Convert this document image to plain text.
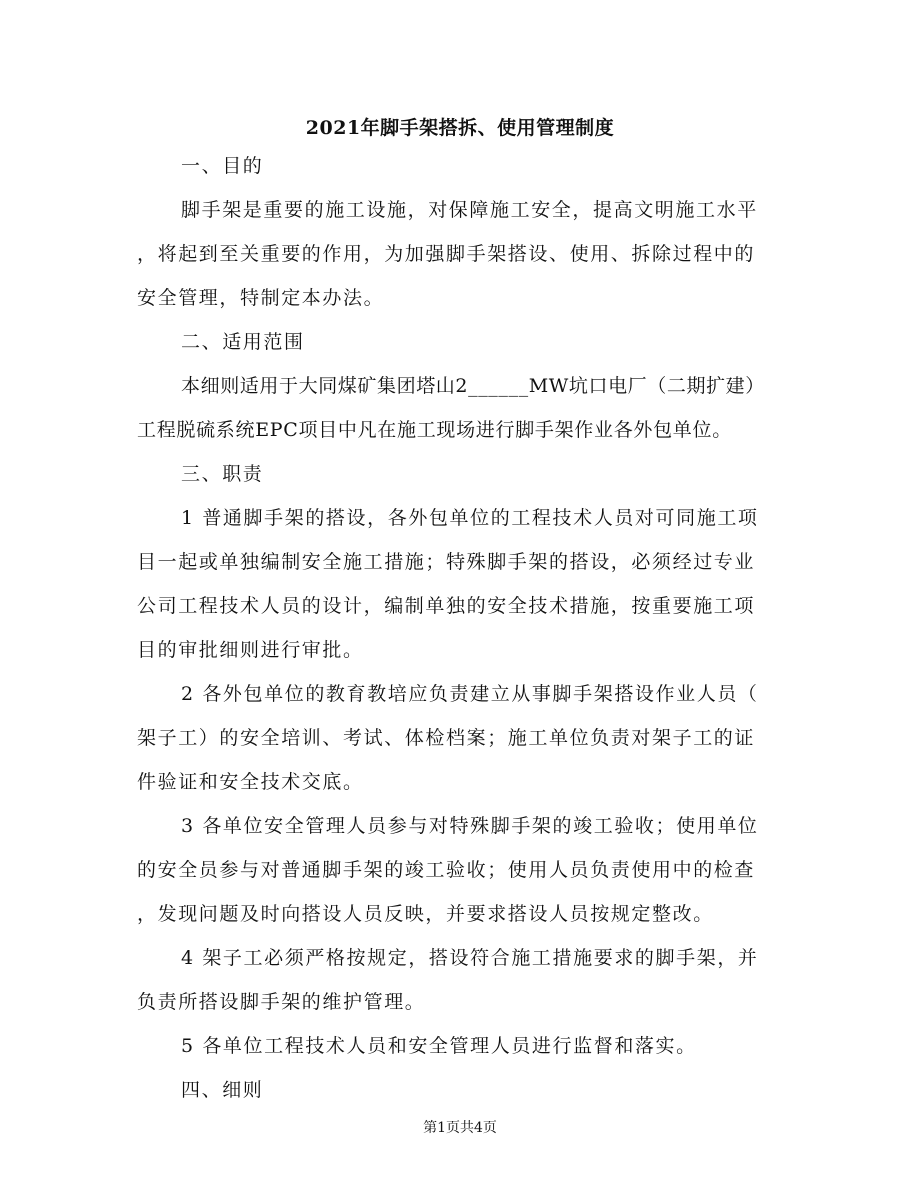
2021年脚手架搭拆、使用管理制度
一、目的
脚手架是重要的施工设施，对保障施工安全，提高文明施工水平
，将起到至关重要的作用，为加强脚手架搭设、使用、拆除过程中的
安全管理，特制定本办法。
二、适用范围
本细则适用于大同煤矿集团塔山2______MW坑口电厂（二期扩建）
工程脱硫系统EPC项目中凡在施工现场进行脚手架作业各外包单位。
三、职责
1 普通脚手架的搭设，各外包单位的工程技术人员对可同施工项
目一起或单独编制安全施工措施；特殊脚手架的搭设，必须经过专业
公司工程技术人员的设计，编制单独的安全技术措施，按重要施工项
目的审批细则进行审批。
2 各外包单位的教育教培应负责建立从事脚手架搭设作业人员（
架子工）的安全培训、考试、体检档案；施工单位负责对架子工的证
件验证和安全技术交底。
3 各单位安全管理人员参与对特殊脚手架的竣工验收；使用单位
的安全员参与对普通脚手架的竣工验收；使用人员负责使用中的检查
，发现问题及时向搭设人员反映，并要求搭设人员按规定整改。
4 架子工必须严格按规定，搭设符合施工措施要求的脚手架，并
负责所搭设脚手架的维护管理。
5 各单位工程技术人员和安全管理人员进行监督和落实。
四、细则
第1页共4页
